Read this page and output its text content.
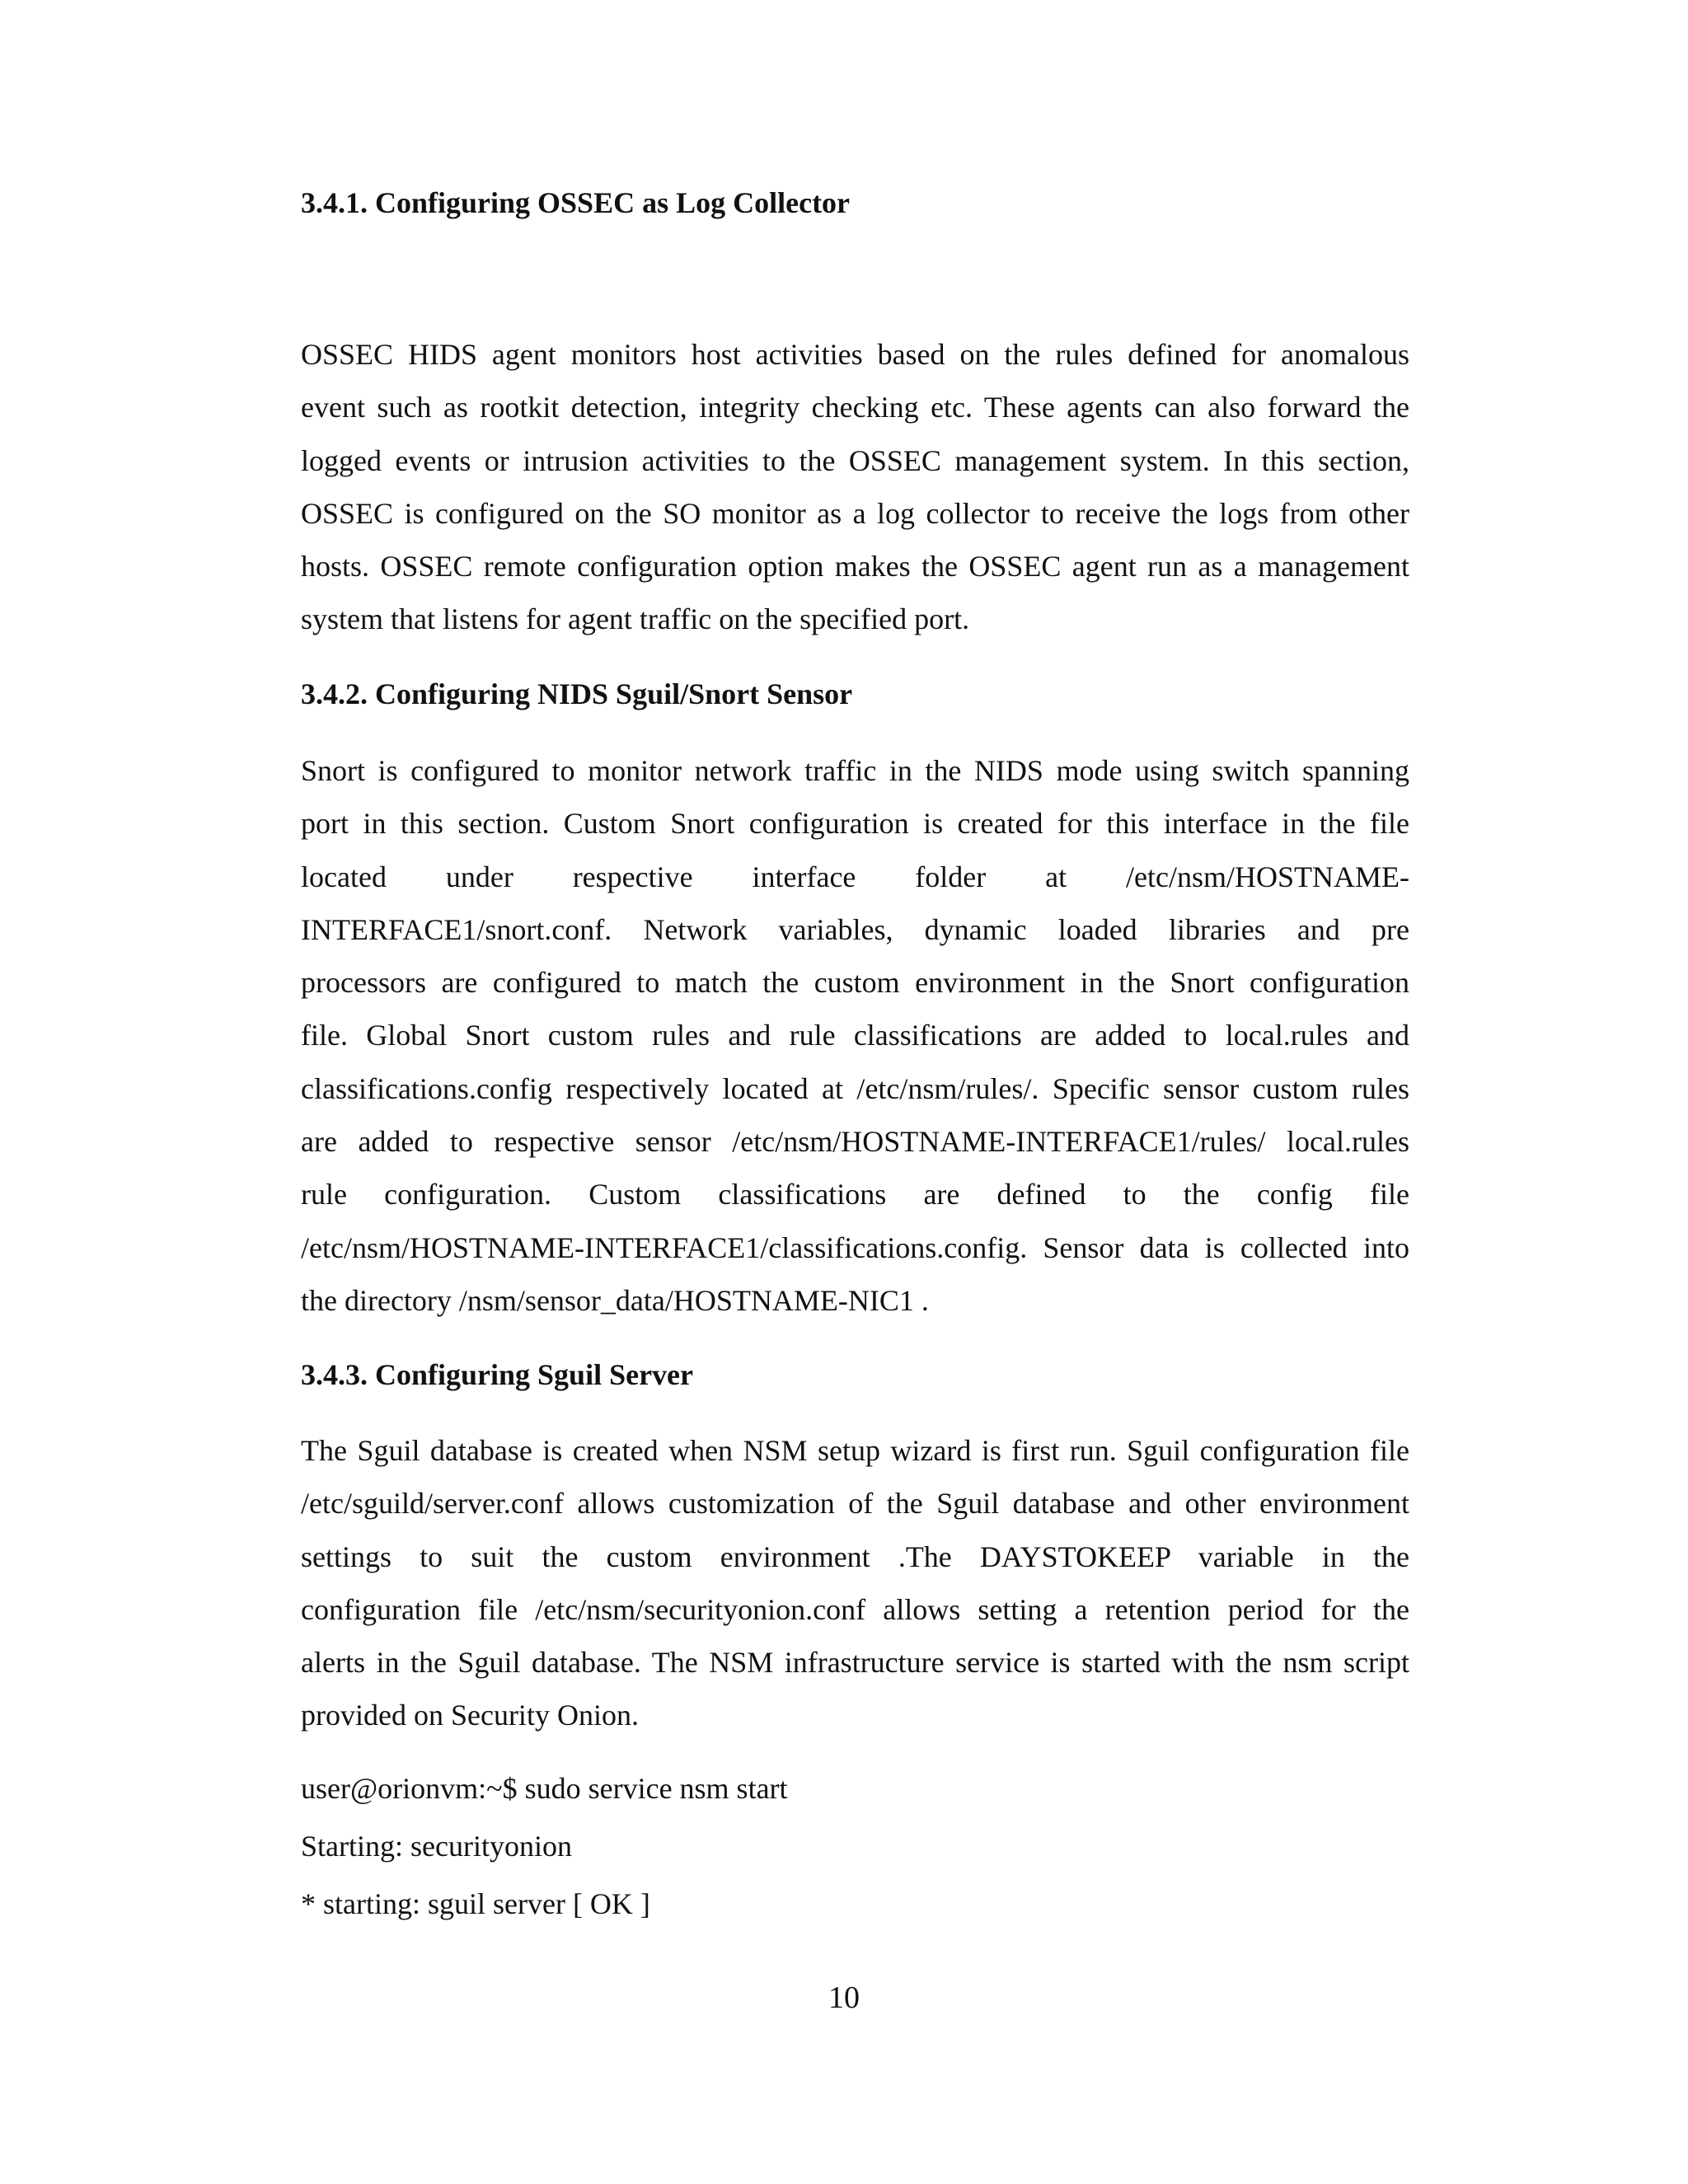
3.4.1. Configuring OSSEC as Log Collector
OSSEC HIDS agent monitors host activities based on the rules defined for anomalous
event such as rootkit detection, integrity checking etc. These agents can also forward the
logged events or intrusion activities to the OSSEC management system. In this section,
OSSEC is configured on the SO monitor as a log collector to receive the logs from other
hosts. OSSEC remote configuration option makes the OSSEC agent run as a management
system that listens for agent traffic on the specified port.
3.4.2. Configuring NIDS Sguil/Snort Sensor
Snort is configured to monitor network traffic in the NIDS mode using switch spanning
port in this section. Custom Snort configuration is created for this interface in the file
located under respective interface folder at /etc/nsm/HOSTNAME-
INTERFACE1/snort.conf. Network variables, dynamic loaded libraries and pre
processors are configured to match the custom environment in the Snort configuration
file. Global Snort custom rules and rule classifications are added to local.rules and
classifications.config respectively located at /etc/nsm/rules/. Specific sensor custom rules
are added to respective sensor /etc/nsm/HOSTNAME-INTERFACE1/rules/ local.rules
rule configuration. Custom classifications are defined to the config file
/etc/nsm/HOSTNAME-INTERFACE1/classifications.config. Sensor data is collected into
the directory /nsm/sensor_data/HOSTNAME-NIC1 .
3.4.3. Configuring Sguil Server
The Sguil database is created when NSM setup wizard is first run. Sguil configuration file
/etc/sguild/server.conf allows customization of the Sguil database and other environment
settings to suit the custom environment .The DAYSTOKEEP variable in the
configuration file /etc/nsm/securityonion.conf allows setting a retention period for the
alerts in the Sguil database. The NSM infrastructure service is started with the nsm script
provided on Security Onion.
user@orionvm:~$ sudo service nsm start
Starting: securityonion
* starting: sguil server [ OK ]
10
